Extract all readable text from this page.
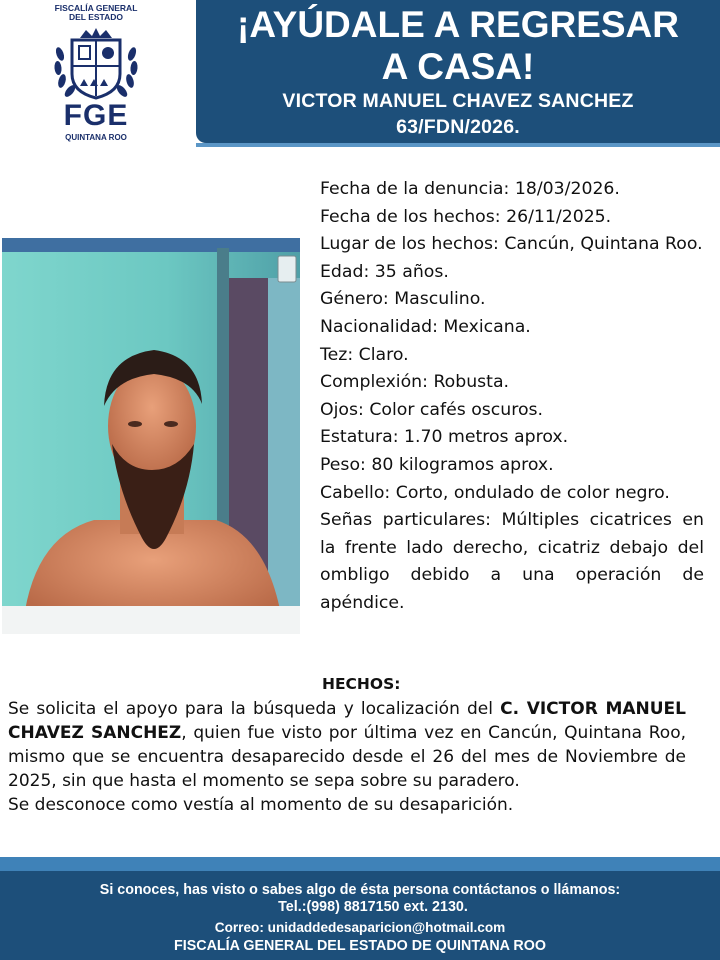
FISCALÍA GENERAL
DEL ESTADO
FGE
QUINTANA ROO
¡AYÚDALE A REGRESAR
A CASA!
VICTOR MANUEL CHAVEZ SANCHEZ
63/FDN/2026.
Fecha de la denuncia: 18/03/2026.
Fecha de los hechos: 26/11/2025.
Lugar de los hechos: Cancún, Quintana Roo.
Edad: 35 años.
Género: Masculino.
Nacionalidad: Mexicana.
Tez: Claro.
Complexión: Robusta.
Ojos: Color cafés oscuros.
Estatura: 1.70 metros aprox.
Peso: 80 kilogramos aprox.
Cabello: Corto, ondulado de color negro.
Señas particulares: Múltiples cicatrices en la frente lado derecho, cicatriz debajo del ombligo debido a una operación de apéndice.
HECHOS:
Se solicita el apoyo para la búsqueda y localización del C. VICTOR MANUEL CHAVEZ SANCHEZ, quien fue visto por última vez en Cancún, Quintana Roo, mismo que se encuentra desaparecido desde el 26 del mes de Noviembre de 2025, sin que hasta el momento se sepa sobre su paradero.
Se desconoce como vestía al momento de su desaparición.
Si conoces, has visto o sabes algo de ésta persona contáctanos o llámanos:
Tel.:(998) 8817150 ext. 2130.
Correo: unidaddedesaparicion@hotmail.com
FISCALÍA GENERAL DEL ESTADO DE QUINTANA ROO
